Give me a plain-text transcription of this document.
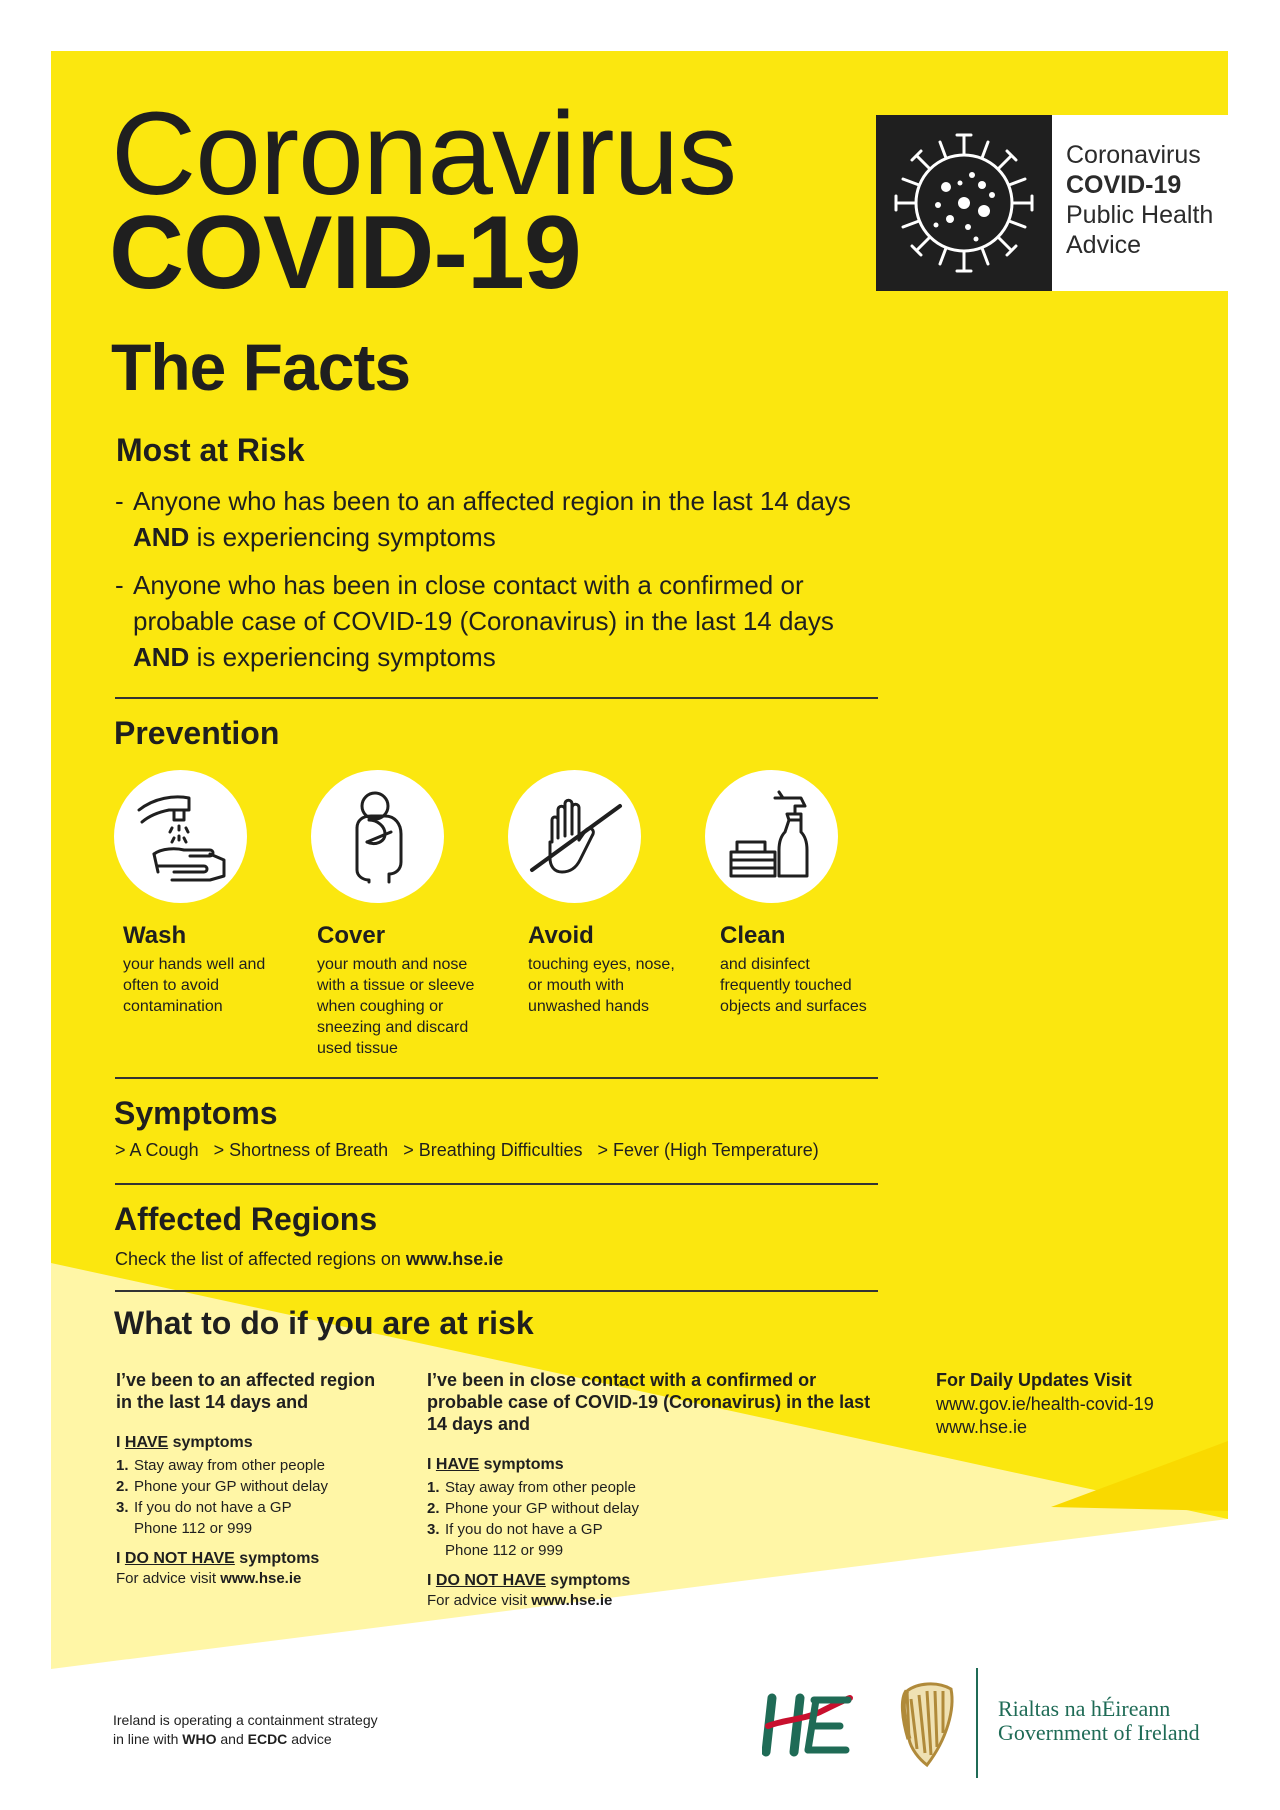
Coronavirus
COVID-19
The Facts
Coronavirus
COVID-19
Public Health
Advice
Most at Risk
- Anyone who has been to an affected region in the last 14 days
AND is experiencing symptoms
- Anyone who has been in close contact with a confirmed or probable case of COVID-19 (Coronavirus) in the last 14 days
AND is experiencing symptoms
Prevention
Wash
your hands well and often to avoid contamination
Cover
your mouth and nose with a tissue or sleeve when coughing or sneezing and discard used tissue
Avoid
touching eyes, nose, or mouth with unwashed hands
Clean
and disinfect frequently touched objects and surfaces
Symptoms
> A Cough > Shortness of Breath > Breathing Difficulties > Fever (High Temperature)
Affected Regions
Check the list of affected regions on www.hse.ie
What to do if you are at risk
I’ve been to an affected region in the last 14 days and
I HAVE symptoms
1. Stay away from other people
2. Phone your GP without delay
3. If you do not have a GP Phone 112 or 999
I DO NOT HAVE symptoms
For advice visit www.hse.ie
I’ve been in close contact with a confirmed or probable case of COVID-19 (Coronavirus) in the last 14 days and
I HAVE symptoms
1. Stay away from other people
2. Phone your GP without delay
3. If you do not have a GP Phone 112 or 999
I DO NOT HAVE symptoms
For advice visit www.hse.ie
For Daily Updates Visit
www.gov.ie/health-covid-19
www.hse.ie
Ireland is operating a containment strategy
in line with WHO and ECDC advice
Rialtas na hÉireann
Government of Ireland
